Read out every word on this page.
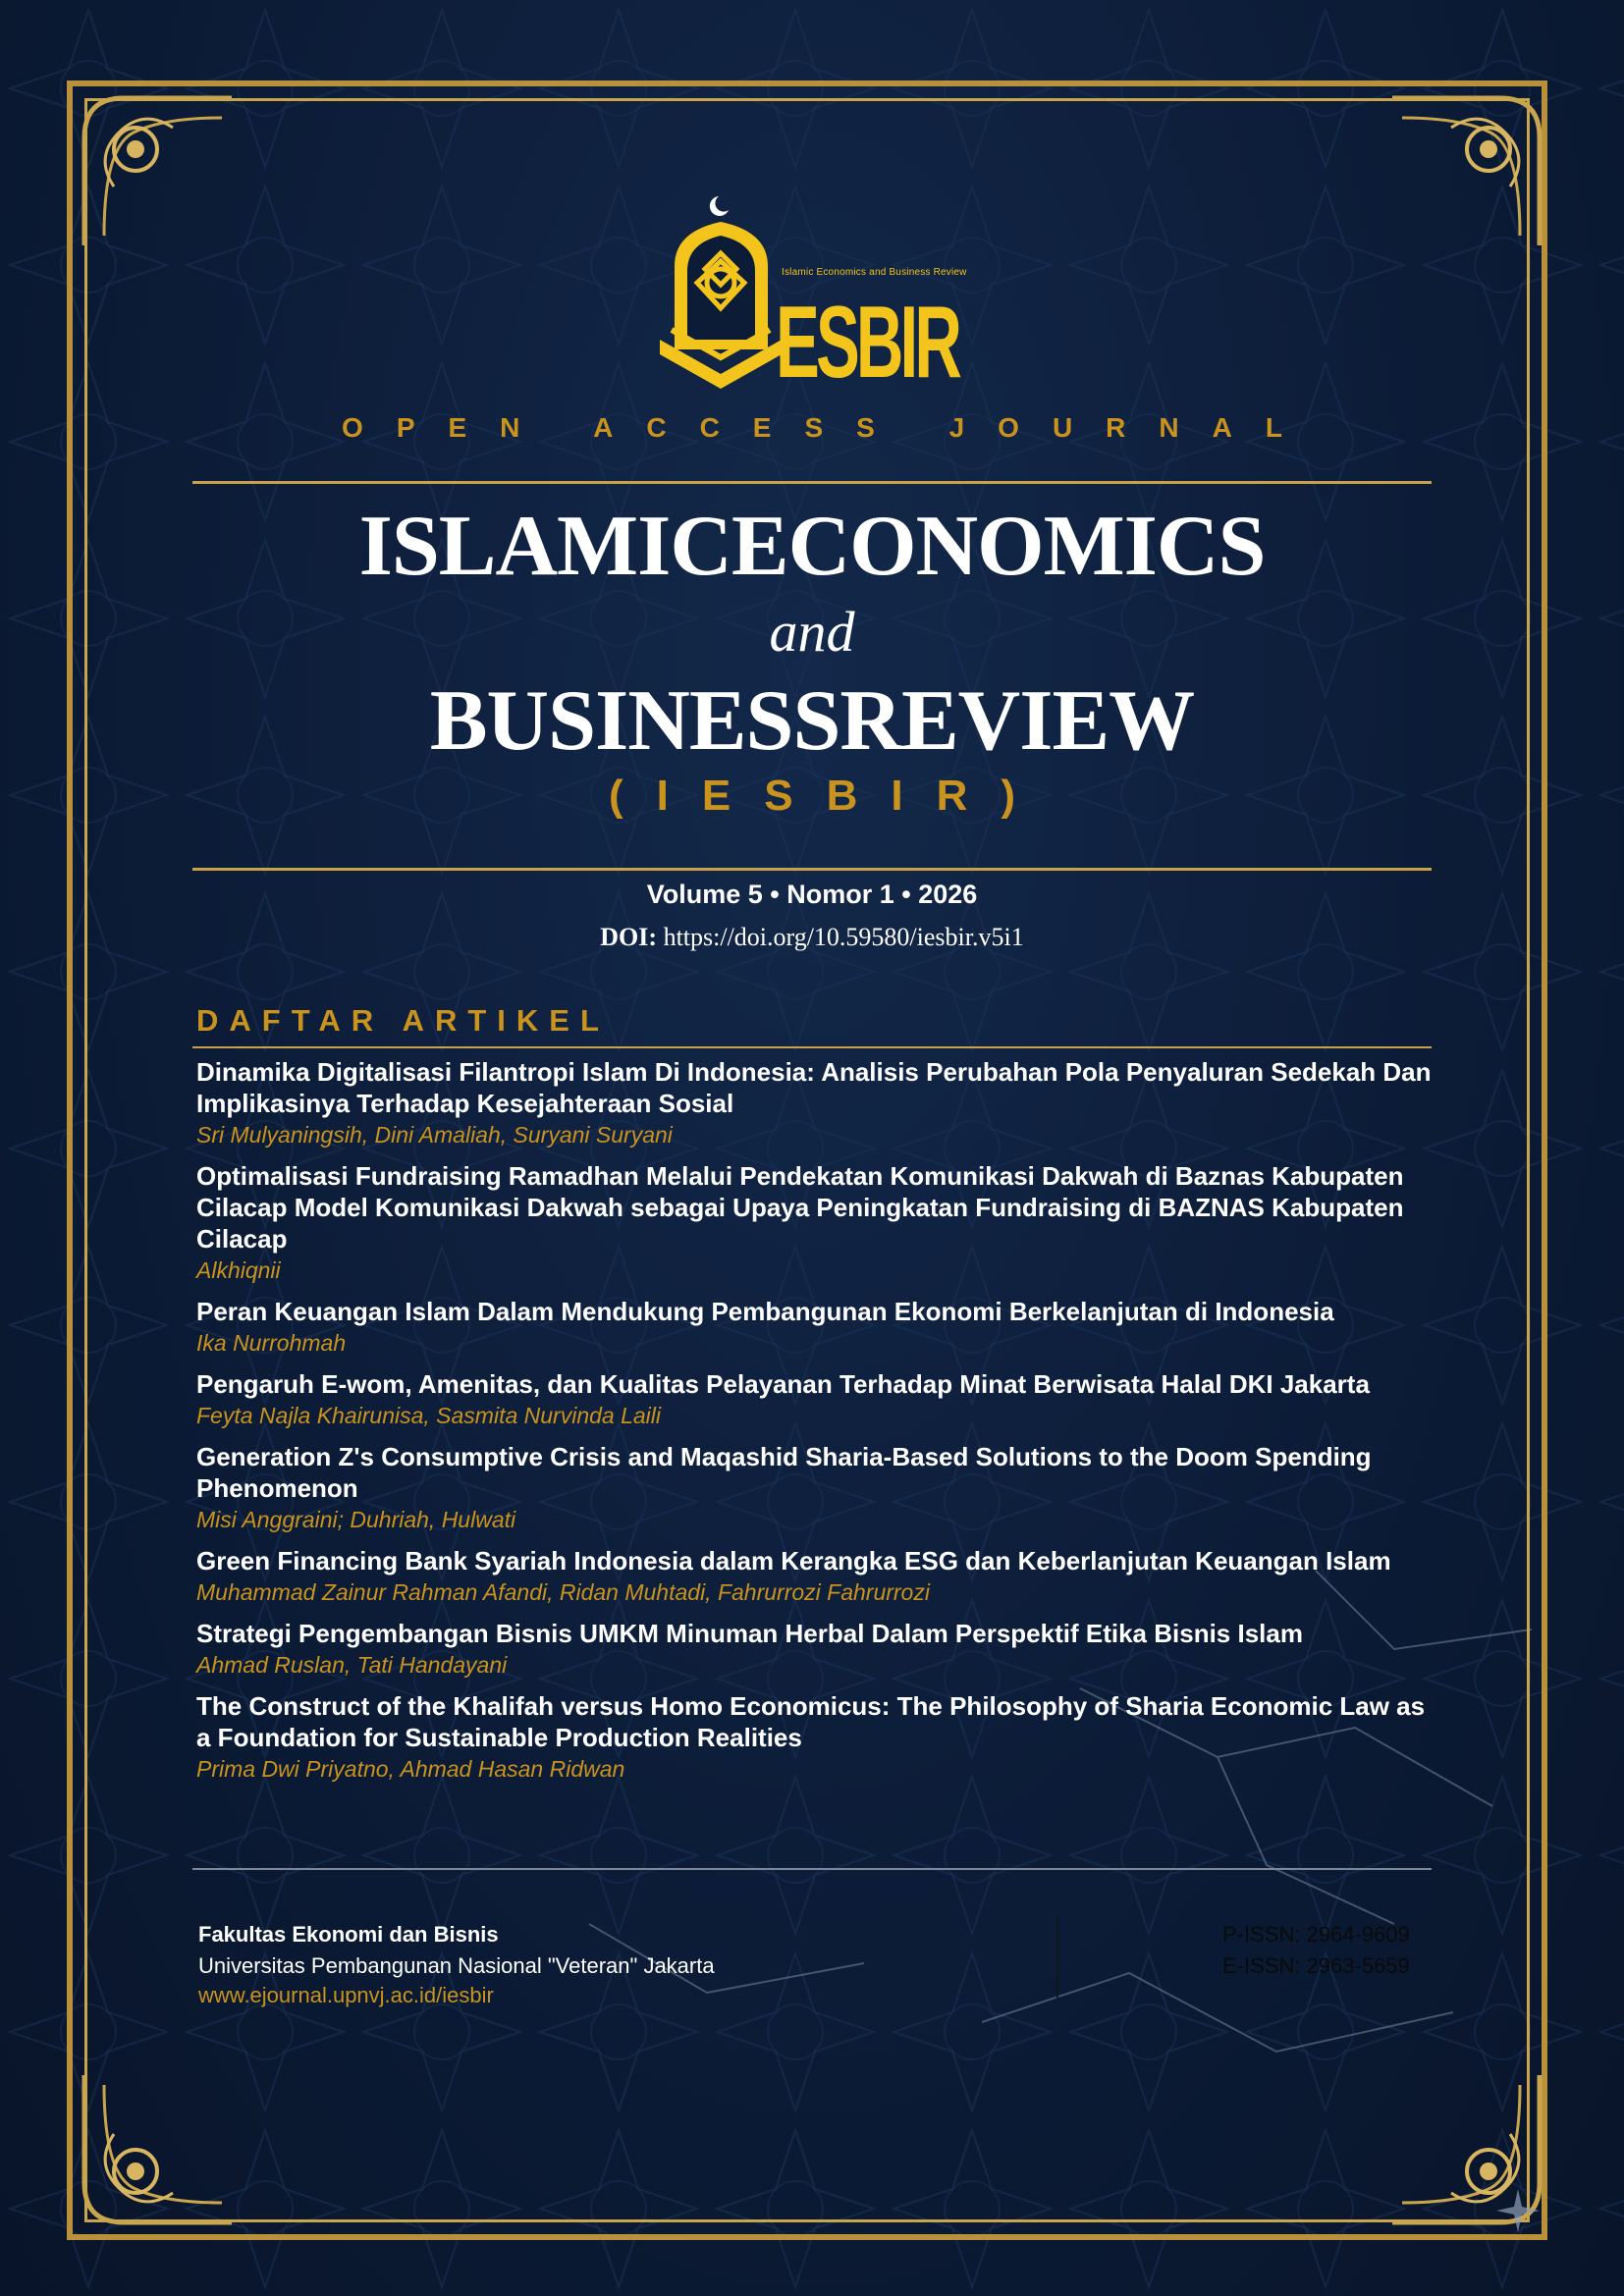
ESBIR
Islamic Economics and Business Review
OPEN ACCESS JOURNAL
ISLAMICECONOMICS
and
BUSINESSREVIEW
(IESBIR)
Volume 5 • Nomor 1 • 2026
DOI: https://doi.org/10.59580/iesbir.v5i1
DAFTAR ARTIKEL
Dinamika Digitalisasi Filantropi Islam Di Indonesia: Analisis Perubahan Pola Penyaluran Sedekah Dan Implikasinya Terhadap Kesejahteraan Sosial
Sri Mulyaningsih, Dini Amaliah, Suryani Suryani
Optimalisasi Fundraising Ramadhan Melalui Pendekatan Komunikasi Dakwah di Baznas Kabupaten Cilacap Model Komunikasi Dakwah sebagai Upaya Peningkatan Fundraising di BAZNAS Kabupaten Cilacap
Alkhiqnii
Peran Keuangan Islam Dalam Mendukung Pembangunan Ekonomi Berkelanjutan di Indonesia
Ika Nurrohmah
Pengaruh E-wom, Amenitas, dan Kualitas Pelayanan Terhadap Minat Berwisata Halal DKI Jakarta
Feyta Najla Khairunisa, Sasmita Nurvinda Laili
Generation Z's Consumptive Crisis and Maqashid Sharia-Based Solutions to the Doom Spending Phenomenon
Misi Anggraini; Duhriah, Hulwati
Green Financing Bank Syariah Indonesia dalam Kerangka ESG dan Keberlanjutan Keuangan Islam
Muhammad Zainur Rahman Afandi, Ridan Muhtadi, Fahrurrozi Fahrurrozi
Strategi Pengembangan Bisnis UMKM Minuman Herbal Dalam Perspektif Etika Bisnis Islam
Ahmad Ruslan, Tati Handayani
The Construct of the Khalifah versus Homo Economicus: The Philosophy of Sharia Economic Law as a Foundation for Sustainable Production Realities
Prima Dwi Priyatno, Ahmad Hasan Ridwan
Fakultas Ekonomi dan Bisnis
Universitas Pembangunan Nasional "Veteran" Jakarta
www.ejournal.upnvj.ac.id/iesbir
P-ISSN: 2964-9609
E-ISSN: 2963-5659
